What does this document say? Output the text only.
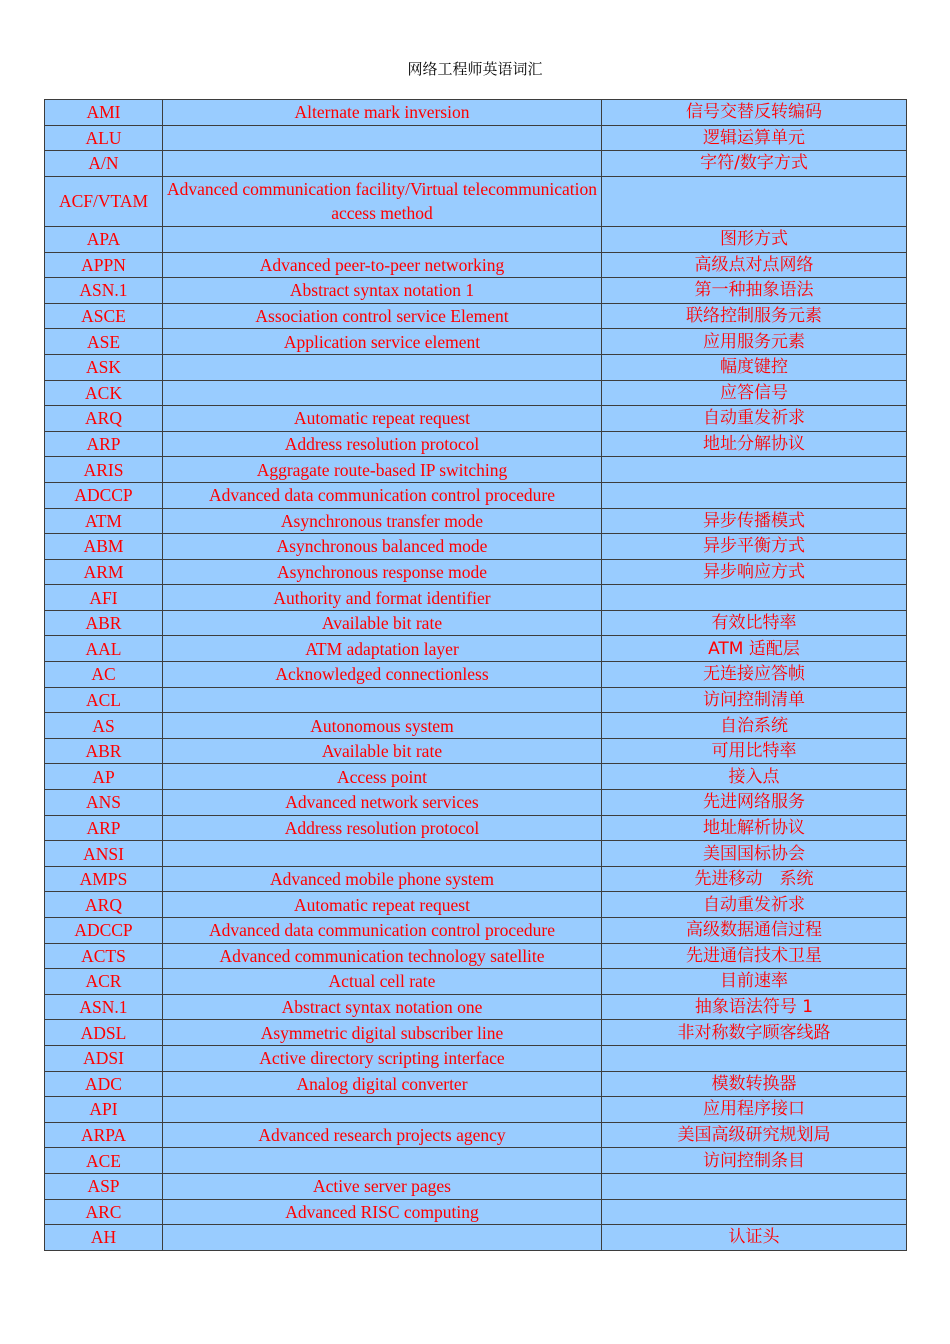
网络工程师英语词汇
AMI	Alternate mark inversion	信号交替反转编码
ALU		逻辑运算单元
A/N		字符/数字方式
ACF/VTAM	Advanced communication facility/Virtual telecommunication access method	
APA		图形方式
APPN	Advanced peer-to-peer networking	高级点对点网络
ASN.1	Abstract syntax notation 1	第一种抽象语法
ASCE	Association control service Element	联络控制服务元素
ASE	Application service element	应用服务元素
ASK		幅度键控
ACK		应答信号
ARQ	Automatic repeat request	自动重发祈求
ARP	Address resolution protocol	地址分解协议
ARIS	Aggragate route-based IP switching	
ADCCP	Advanced data communication control procedure	
ATM	Asynchronous transfer mode	异步传播模式
ABM	Asynchronous balanced mode	异步平衡方式
ARM	Asynchronous response mode	异步响应方式
AFI	Authority and format identifier	
ABR	Available bit rate	有效比特率
AAL	ATM adaptation layer	ATM 适配层
AC	Acknowledged connectionless	无连接应答帧
ACL		访问控制清单
AS	Autonomous system	自治系统
ABR	Available bit rate	可用比特率
AP	Access point	接入点
ANS	Advanced network services	先进网络服务
ARP	Address resolution protocol	地址解析协议
ANSI		美国国标协会
AMPS	Advanced mobile phone system	先进移动　系统
ARQ	Automatic repeat request	自动重发祈求
ADCCP	Advanced data communication control procedure	高级数据通信过程
ACTS	Advanced communication technology satellite	先进通信技术卫星
ACR	Actual cell rate	目前速率
ASN.1	Abstract syntax notation one	抽象语法符号 1
ADSL	Asymmetric digital subscriber line	非对称数字顾客线路
ADSI	Active directory scripting interface	
ADC	Analog digital converter	模数转换器
API		应用程序接口
ARPA	Advanced research projects agency	美国高级研究规划局
ACE		访问控制条目
ASP	Active server pages	
ARC	Advanced RISC computing	
AH		认证头
